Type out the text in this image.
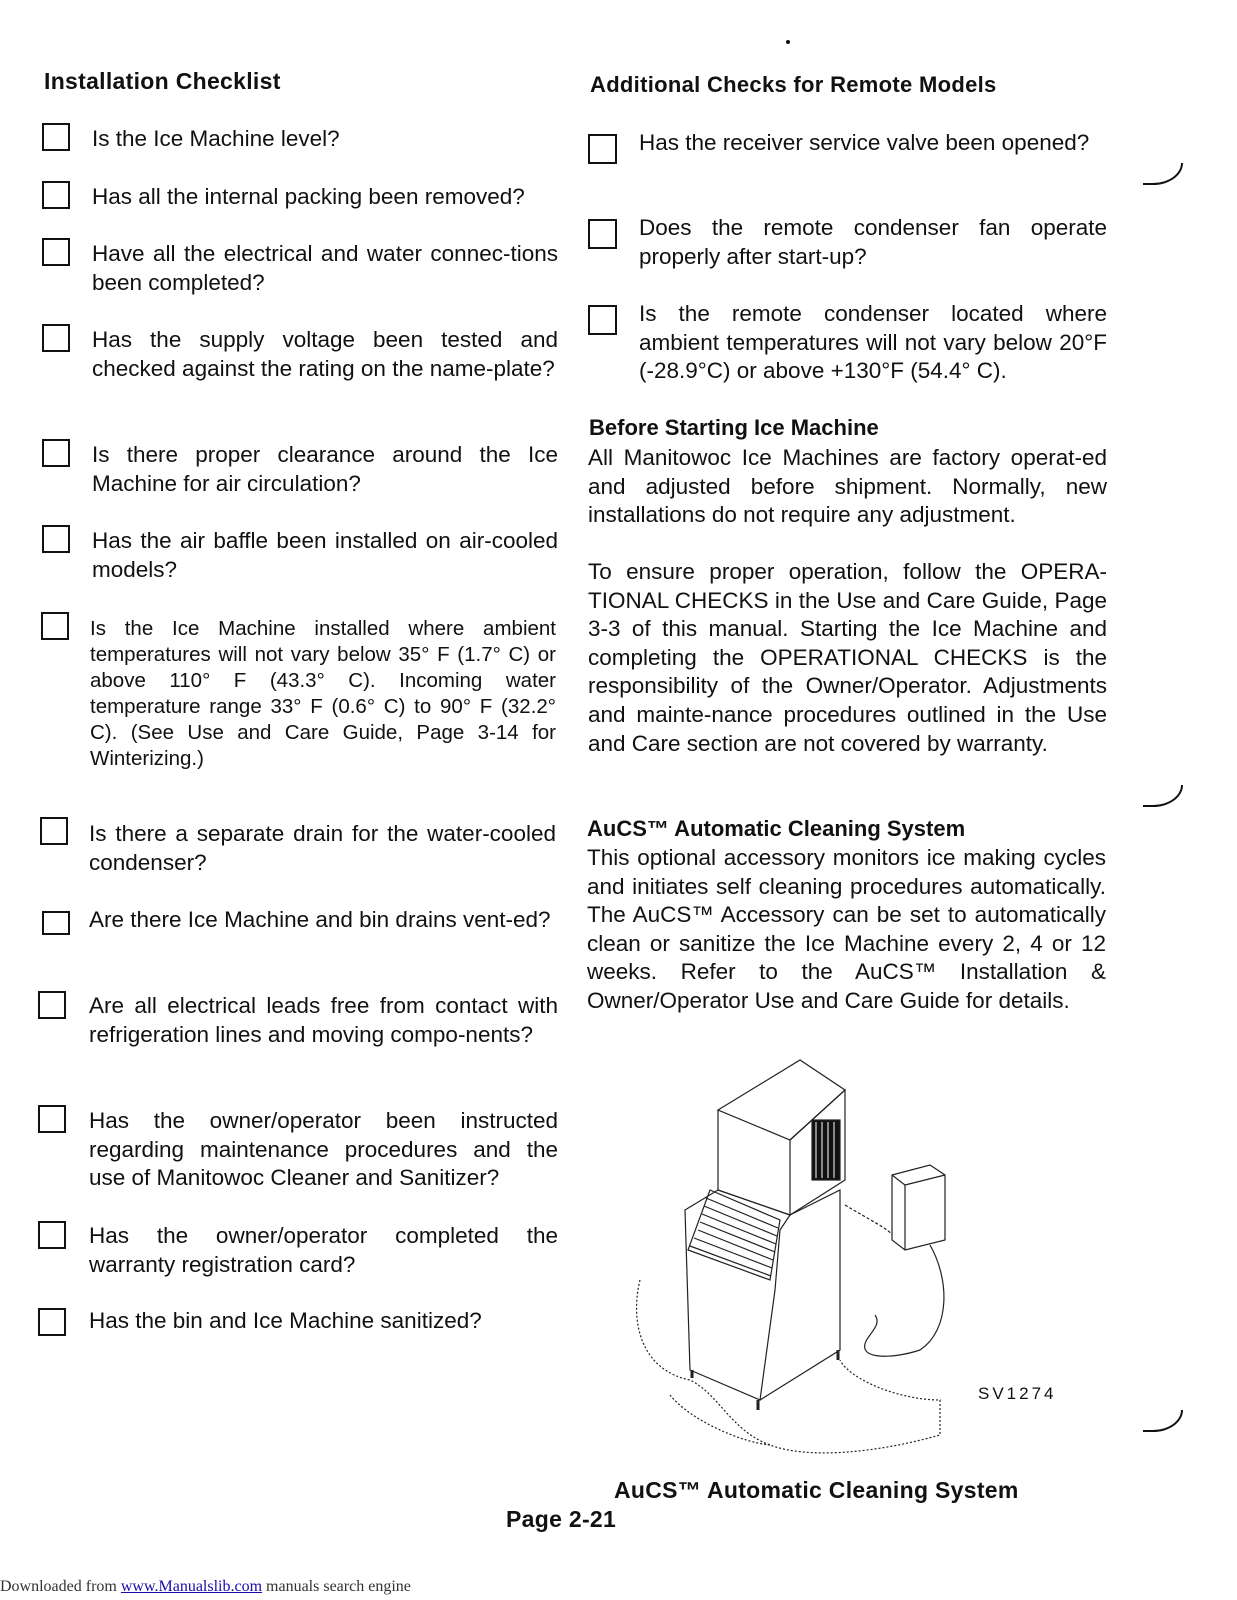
Installation Checklist
Is the Ice Machine level?
Has all the internal packing been removed?
Have all the electrical and water connec-tions been completed?
Has the supply voltage been tested and checked against the rating on the name-plate?
Is there proper clearance around the Ice Machine for air circulation?
Has the air baffle been installed on air-cooled models?
Is the Ice Machine installed where ambient temperatures will not vary below 35° F (1.7° C) or above 110° F (43.3° C). Incoming water temperature range 33° F (0.6° C) to 90° F (32.2° C). (See Use and Care Guide, Page 3-14 for Winterizing.)
Is there a separate drain for the water-cooled condenser?
Are there Ice Machine and bin drains vent-ed?
Are all electrical leads free from contact with refrigeration lines and moving compo-nents?
Has the owner/operator been instructed regarding maintenance procedures and the use of Manitowoc Cleaner and Sanitizer?
Has the owner/operator completed the warranty registration card?
Has the bin and Ice Machine sanitized?
Additional Checks for Remote Models
Has the receiver service valve been opened?
Does the remote condenser fan operate properly after start-up?
Is the remote condenser located where ambient temperatures will not vary below 20°F (-28.9°C) or above +130°F (54.4° C).
Before Starting Ice Machine
All Manitowoc Ice Machines are factory operat-ed and adjusted before shipment. Normally, new installations do not require any adjustment.
To ensure proper operation, follow the OPERA-TIONAL CHECKS in the Use and Care Guide, Page 3-3 of this manual. Starting the Ice Machine and completing the OPERATIONAL CHECKS is the responsibility of the Owner/Operator. Adjustments and mainte-nance procedures outlined in the Use and Care section are not covered by warranty.
AuCS™ Automatic Cleaning System
This optional accessory monitors ice making cycles and initiates self cleaning procedures automatically. The AuCS™ Accessory can be set to automatically clean or sanitize the Ice Machine every 2, 4 or 12 weeks. Refer to the AuCS™ Installation & Owner/Operator Use and Care Guide for details.
SV1274
AuCS™ Automatic Cleaning System
Page 2-21
Downloaded from www.Manualslib.com manuals search engine
